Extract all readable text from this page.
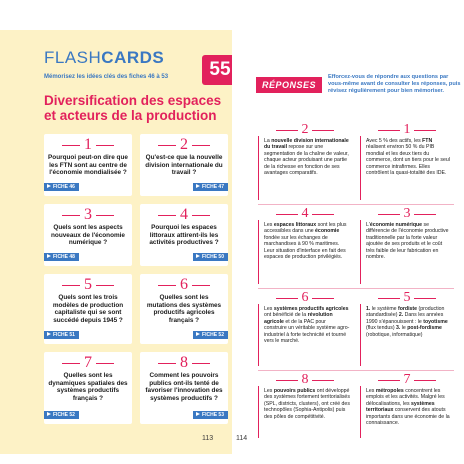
FLASHCARDS
Mémorisez les idées clés des fiches 46 à 53	55
Diversification des espaces et acteurs de la production
1
Pourquoi peut-on dire que les FTN sont au centre de l'économie mondialisée ?
FICHE 46
2
Qu'est-ce que la nouvelle division internationale du travail ?
FICHE 47
3
Quels sont les aspects nouveaux de l'économie numérique ?
FICHE 48
4
Pourquoi les espaces littoraux attirent-ils les activités productives ?
FICHE 50
5
Quels sont les trois modèles de production capitaliste qui se sont succédé depuis 1945 ?
FICHE 51
6
Quelles sont les mutations des systèmes productifs agricoles français ?
FICHE 52
7
Quelles sont les dynamiques spatiales des systèmes productifs français ?
FICHE 52
8
Comment les pouvoirs publics ont-ils tenté de favoriser l'innovation des systèmes productifs ?
FICHE 53
113
RÉPONSES
Efforcez-vous de répondre aux questions par vous-même avant de consulter les réponses, puis révisez régulièrement pour bien mémoriser.
2
La nouvelle division internationale du travail repose sur une segmentation de la chaîne de valeur, chaque acteur produisant une partie de la richesse en fonction de ses avantages comparatifs.
1
Avec 5 % des actifs, les FTN réalisent environ 50 % du PIB mondial et les deux tiers du commerce, dont un tiers pour le seul commerce intrafirmes. Elles contrôlent la quasi-totalité des IDE.
4
Les espaces littoraux sont les plus accessibles dans une économie fondée sur les échanges de marchandises à 90 % maritimes. Leur situation d'interface en fait des espaces de production privilégiés.
3
L'économie numérique se différencie de l'économie productive traditionnelle par la forte valeur ajoutée de ses produits et le coût très faible de leur fabrication en nombre.
6
Les systèmes productifs agricoles ont bénéficié de la révolution agricole et de la PAC pour construire un véritable système agro-industriel à forte technicité et tourné vers le marché.
5
1. le système fordiste (production standardisée) 2. Dans les années 1990 s'épanouissent : le toyotisme (flux tendus) 3. le post-fordisme (robotique, informatique)
8
Les pouvoirs publics ont développé des systèmes fortement territorialisés (SPL, districts, clusters), ont créé des technopôles (Sophia-Antipolis) puis des pôles de compétitivité.
7
Les métropoles concentrent les emplois et les activités. Malgré les délocalisations, les systèmes territoriaux conservent des atouts importants dans une économie de la connaissance.
114
